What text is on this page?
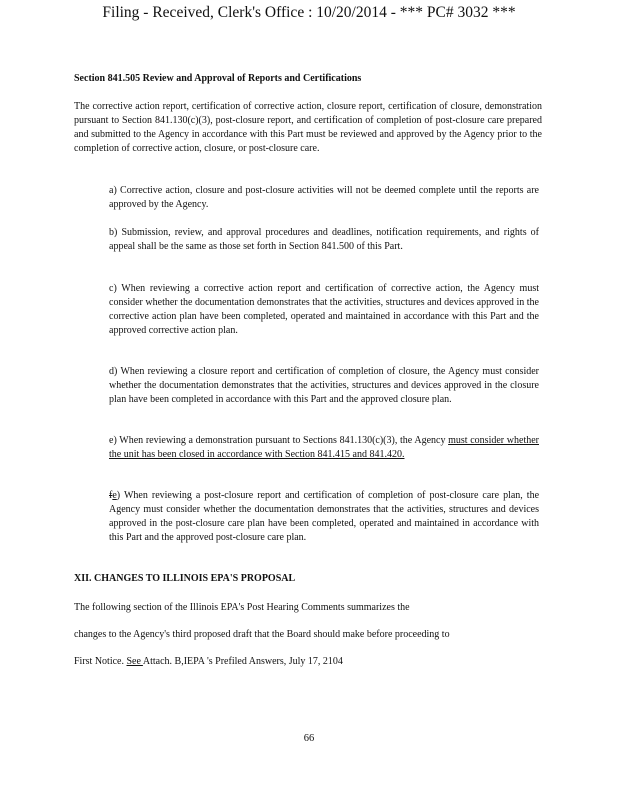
Filing - Received, Clerk's Office : 10/20/2014 - *** PC# 3032 ***
Section 841.505 Review and Approval of Reports and Certifications
The corrective action report, certification of corrective action, closure report, certification of closure, demonstration pursuant to Section 841.130(c)(3), post-closure report, and certification of completion of post-closure care prepared and submitted to the Agency in accordance with this Part must be reviewed and approved by the Agency prior to the completion of corrective action, closure, or post-closure care.
a) Corrective action, closure and post-closure activities will not be deemed complete until the reports are approved by the Agency.
b) Submission, review, and approval procedures and deadlines, notification requirements, and rights of appeal shall be the same as those set forth in Section 841.500 of this Part.
c) When reviewing a corrective action report and certification of corrective action, the Agency must consider whether the documentation demonstrates that the activities, structures and devices approved in the corrective action plan have been completed, operated and maintained in accordance with this Part and the approved corrective action plan.
d) When reviewing a closure report and certification of completion of closure, the Agency must consider whether the documentation demonstrates that the activities, structures and devices approved in the closure plan have been completed in accordance with this Part and the approved closure plan.
e) When reviewing a demonstration pursuant to Sections 841.130(c)(3), the Agency must consider whether the unit has been closed in accordance with Section 841.415 and 841.420.
fe) When reviewing a post-closure report and certification of completion of post-closure care plan, the Agency must consider whether the documentation demonstrates that the activities, structures and devices approved in the post-closure care plan have been completed, operated and maintained in accordance with this Part and the approved post-closure care plan.
XII. CHANGES TO ILLINOIS EPA'S PROPOSAL
The following section of the Illinois EPA's Post Hearing Comments summarizes the
changes to the Agency's third proposed draft that the Board should make before proceeding to
First Notice. See Attach. B,IEPA 's Prefiled Answers, July 17, 2104
66
